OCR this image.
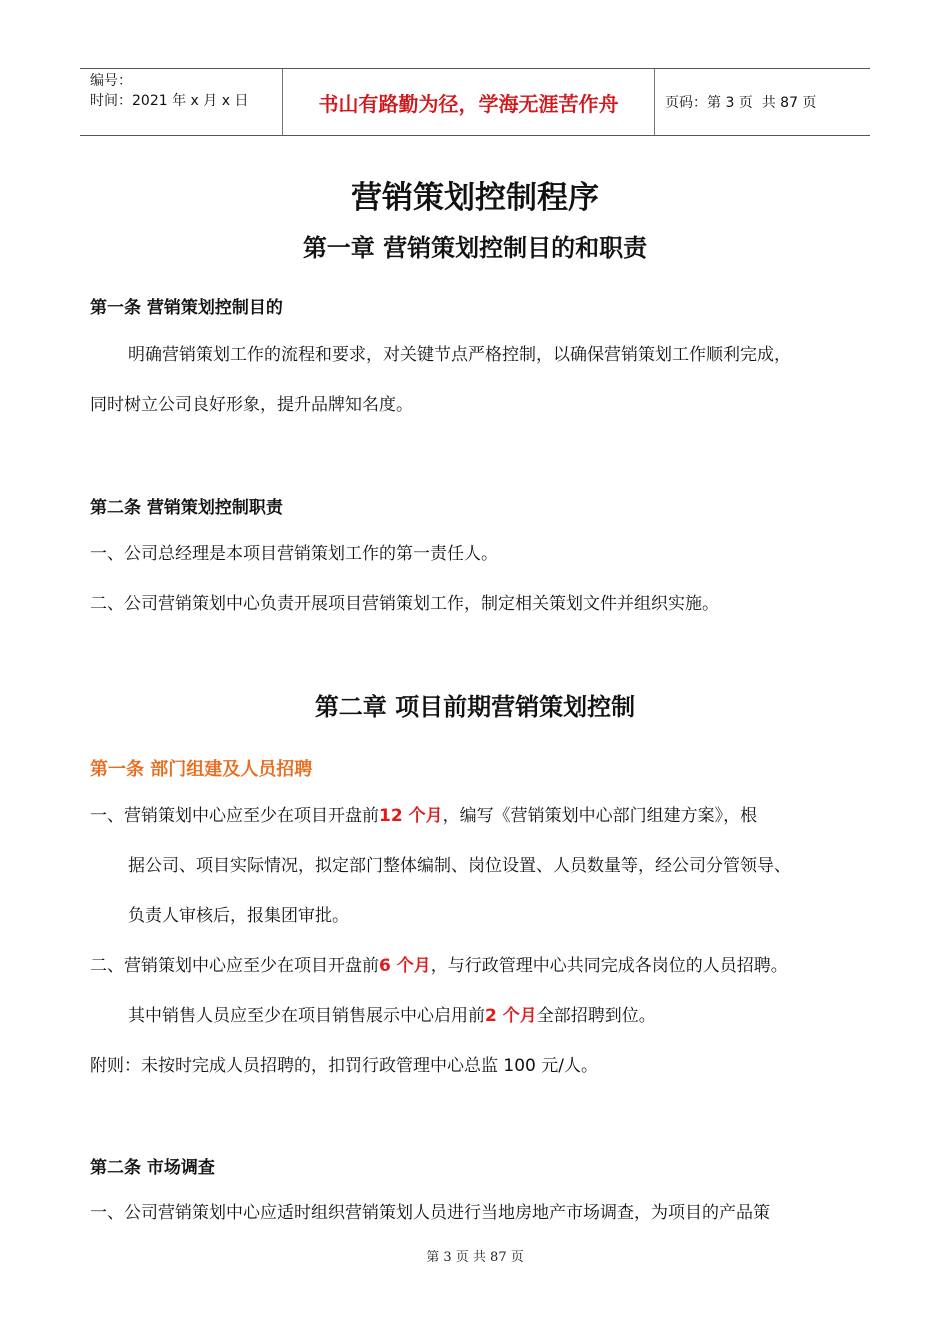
编号：
时间：2021 年 x 月 x 日	书山有路勤为径，学海无涯苦作舟	页码：第 3 页  共 87 页
营销策划控制程序
第一章 营销策划控制目的和职责
第一条 营销策划控制目的
明确营销策划工作的流程和要求，对关键节点严格控制，以确保营销策划工作顺利完成，
同时树立公司良好形象，提升品牌知名度。
第二条 营销策划控制职责
一、公司总经理是本项目营销策划工作的第一责任人。
二、公司营销策划中心负责开展项目营销策划工作，制定相关策划文件并组织实施。
第二章 项目前期营销策划控制
第一条 部门组建及人员招聘
一、营销策划中心应至少在项目开盘前12 个月，编写《营销策划中心部门组建方案》，根
据公司、项目实际情况，拟定部门整体编制、岗位设置、人员数量等，经公司分管领导、
负责人审核后，报集团审批。
二、营销策划中心应至少在项目开盘前6 个月，与行政管理中心共同完成各岗位的人员招聘。
其中销售人员应至少在项目销售展示中心启用前2 个月全部招聘到位。
附则：未按时完成人员招聘的，扣罚行政管理中心总监 100 元/人。
第二条 市场调查
一、公司营销策划中心应适时组织营销策划人员进行当地房地产市场调查，为项目的产品策
第 3 页 共 87 页
